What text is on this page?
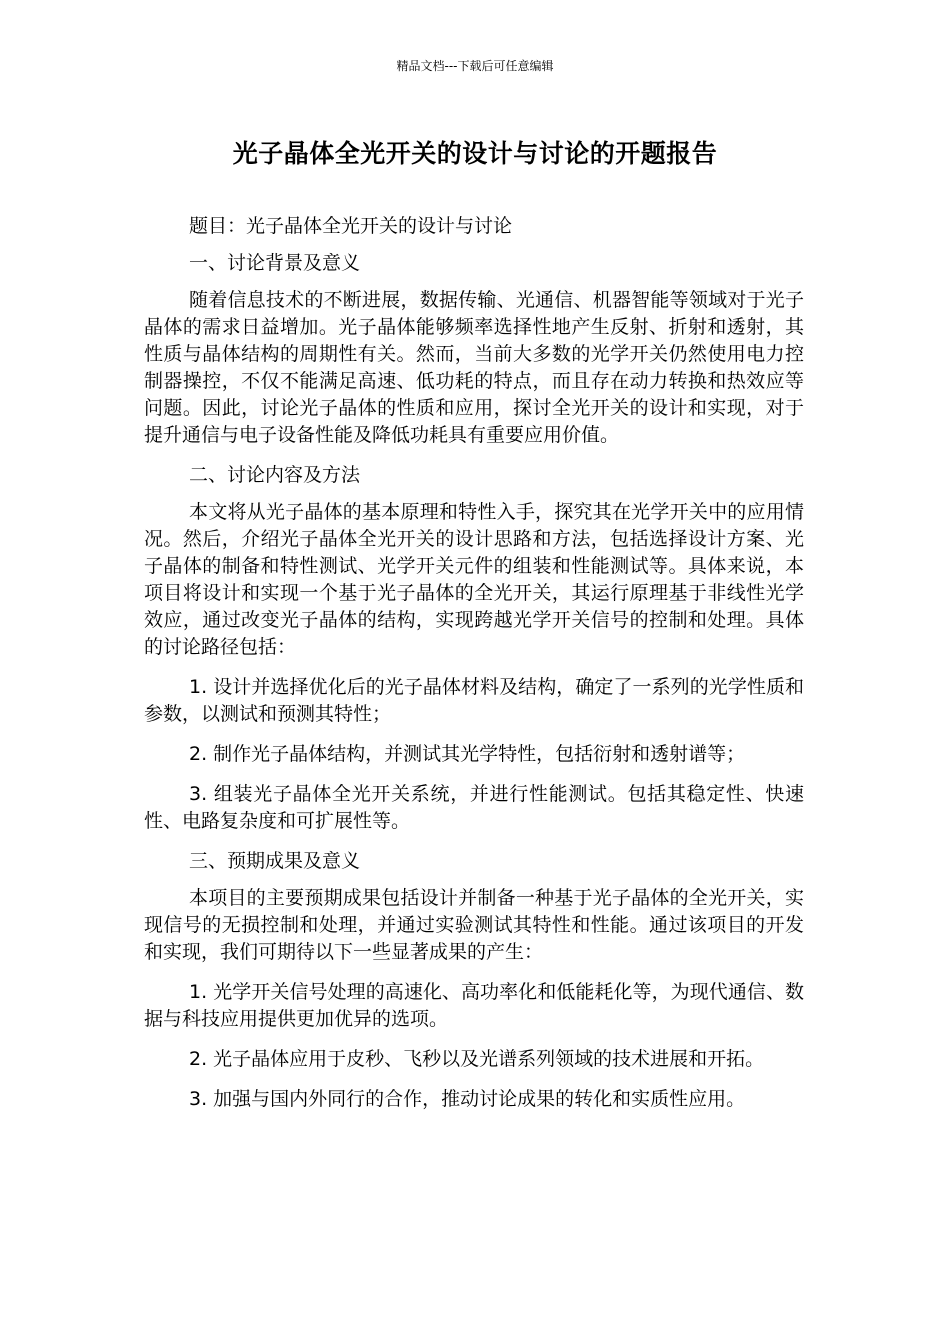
精品文档---下载后可任意编辑
光子晶体全光开关的设计与讨论的开题报告

题目：光子晶体全光开关的设计与讨论

一、讨论背景及意义

随着信息技术的不断进展，数据传输、光通信、机器智能等领域对于光子晶体的需求日益增加。光子晶体能够频率选择性地产生反射、折射和透射，其性质与晶体结构的周期性有关。然而，当前大多数的光学开关仍然使用电力控制器操控，不仅不能满足高速、低功耗的特点，而且存在动力转换和热效应等问题。因此，讨论光子晶体的性质和应用，探讨全光开关的设计和实现，对于提升通信与电子设备性能及降低功耗具有重要应用价值。

二、讨论内容及方法

本文将从光子晶体的基本原理和特性入手，探究其在光学开关中的应用情况。然后，介绍光子晶体全光开关的设计思路和方法，包括选择设计方案、光子晶体的制备和特性测试、光学开关元件的组装和性能测试等。具体来说，本项目将设计和实现一个基于光子晶体的全光开关，其运行原理基于非线性光学效应，通过改变光子晶体的结构，实现跨越光学开关信号的控制和处理。具体的讨论路径包括：

1. 设计并选择优化后的光子晶体材料及结构，确定了一系列的光学性质和参数，以测试和预测其特性；

2. 制作光子晶体结构，并测试其光学特性，包括衍射和透射谱等；

3. 组装光子晶体全光开关系统，并进行性能测试。包括其稳定性、快速性、电路复杂度和可扩展性等。

三、预期成果及意义

本项目的主要预期成果包括设计并制备一种基于光子晶体的全光开关，实现信号的无损控制和处理，并通过实验测试其特性和性能。通过该项目的开发和实现，我们可期待以下一些显著成果的产生：

1. 光学开关信号处理的高速化、高功率化和低能耗化等，为现代通信、数据与科技应用提供更加优异的选项。

2. 光子晶体应用于皮秒、飞秒以及光谱系列领域的技术进展和开拓。

3. 加强与国内外同行的合作，推动讨论成果的转化和实质性应用。
